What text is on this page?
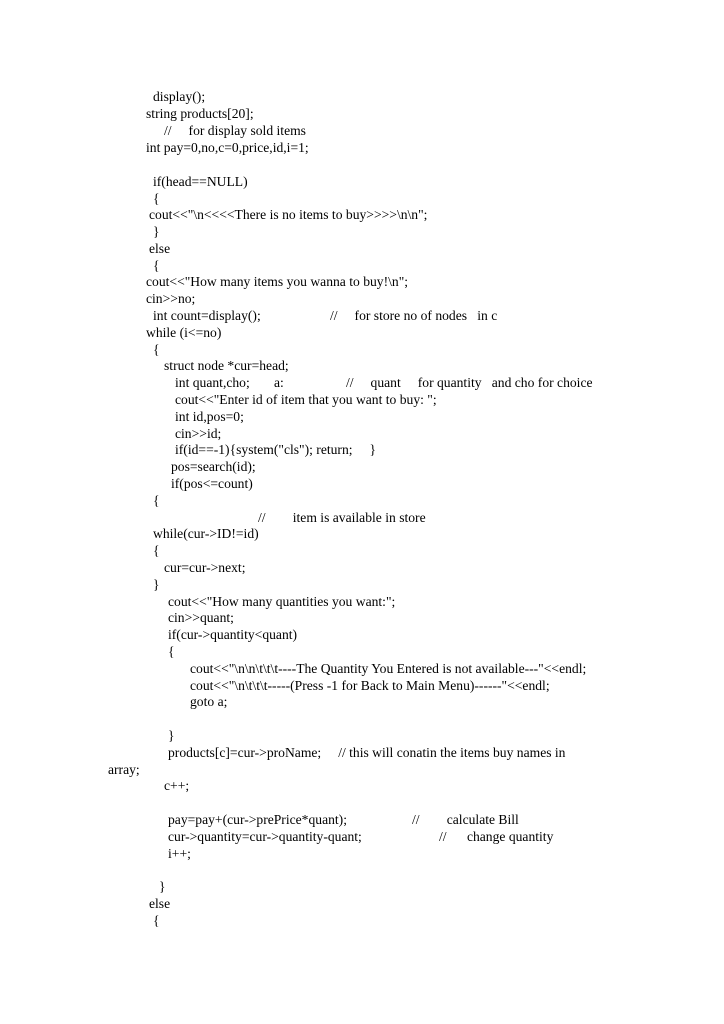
display();
string products[20];
//     for display sold items
int pay=0,no,c=0,price,id,i=1;
if(head==NULL)
{
cout<<"\n<<<<There is no items to buy>>>>\n\n";
}
else
{
cout<<"How many items you wanna to buy!\n";
cin>>no;
int count=display();	//     for store no of nodes   in c
while (i<=no)
{
struct node *cur=head;
int quant,cho; a:	//     quant     for quantity   and cho for choice
cout<<"Enter id of item that you want to buy: ";
int id,pos=0;
cin>>id;
if(id==-1){system("cls"); return;     }
pos=search(id);
if(pos<=count)
{
//        item is available in store
while(cur->ID!=id)
{
cur=cur->next;
}
cout<<"How many quantities you want:";
cin>>quant;
if(cur->quantity<quant)
{
cout<<"\n\n\t\t\t----The Quantity You Entered is not available---"<<endl;
cout<<"\n\t\t\t-----(Press -1 for Back to Main Menu)------"<<endl;
goto a;
}
products[c]=cur->proName;     // this will conatin the items buy names in
array;
c++;
pay=pay+(cur->prePrice*quant);	//        calculate Bill
cur->quantity=cur->quantity-quant;	//      change quantity
i++;
}
else
{
